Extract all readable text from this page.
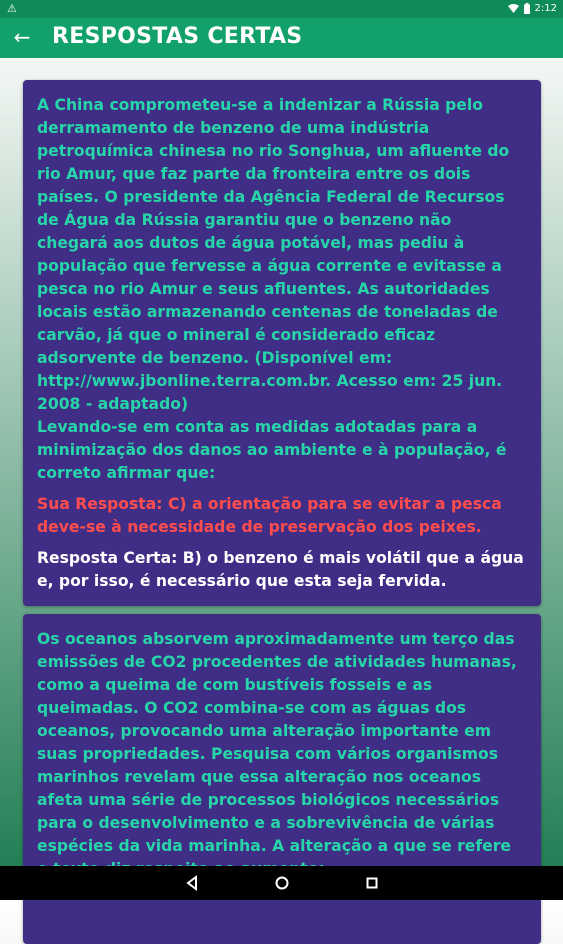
⚠	2:12
← RESPOSTAS CERTAS

A China comprometeu-se a indenizar a Rússia pelo derramamento de benzeno de uma indústria petroquímica chinesa no rio Songhua, um afluente do rio Amur, que faz parte da fronteira entre os dois países. O presidente da Agência Federal de Recursos de Água da Rússia garantiu que o benzeno não chegará aos dutos de água potável, mas pediu à população que fervesse a água corrente e evitasse a pesca no rio Amur e seus afluentes. As autoridades locais estão armazenando centenas de toneladas de carvão, já que o mineral é considerado eficaz adsorvente de benzeno. (Disponível em: http://www.jbonline.terra.com.br. Acesso em: 25 jun. 2008 - adaptado)
Levando-se em conta as medidas adotadas para a minimização dos danos ao ambiente e à população, é correto afirmar que:

Sua Resposta: C) a orientação para se evitar a pesca deve-se à necessidade de preservação dos peixes.

Resposta Certa: B) o benzeno é mais volátil que a água e, por isso, é necessário que esta seja fervida.

Os oceanos absorvem aproximadamente um terço das emissões de CO2 procedentes de atividades humanas, como a queima de com bustíveis fosseis e as queimadas. O CO2 combina-se com as águas dos oceanos, provocando uma alteração importante em suas propriedades. Pesquisa com vários organismos marinhos revelam que essa alteração nos oceanos afeta uma série de processos biológicos necessários para o desenvolvimento e a sobrevivência de várias espécies da vida marinha. A alteração a que se refere
